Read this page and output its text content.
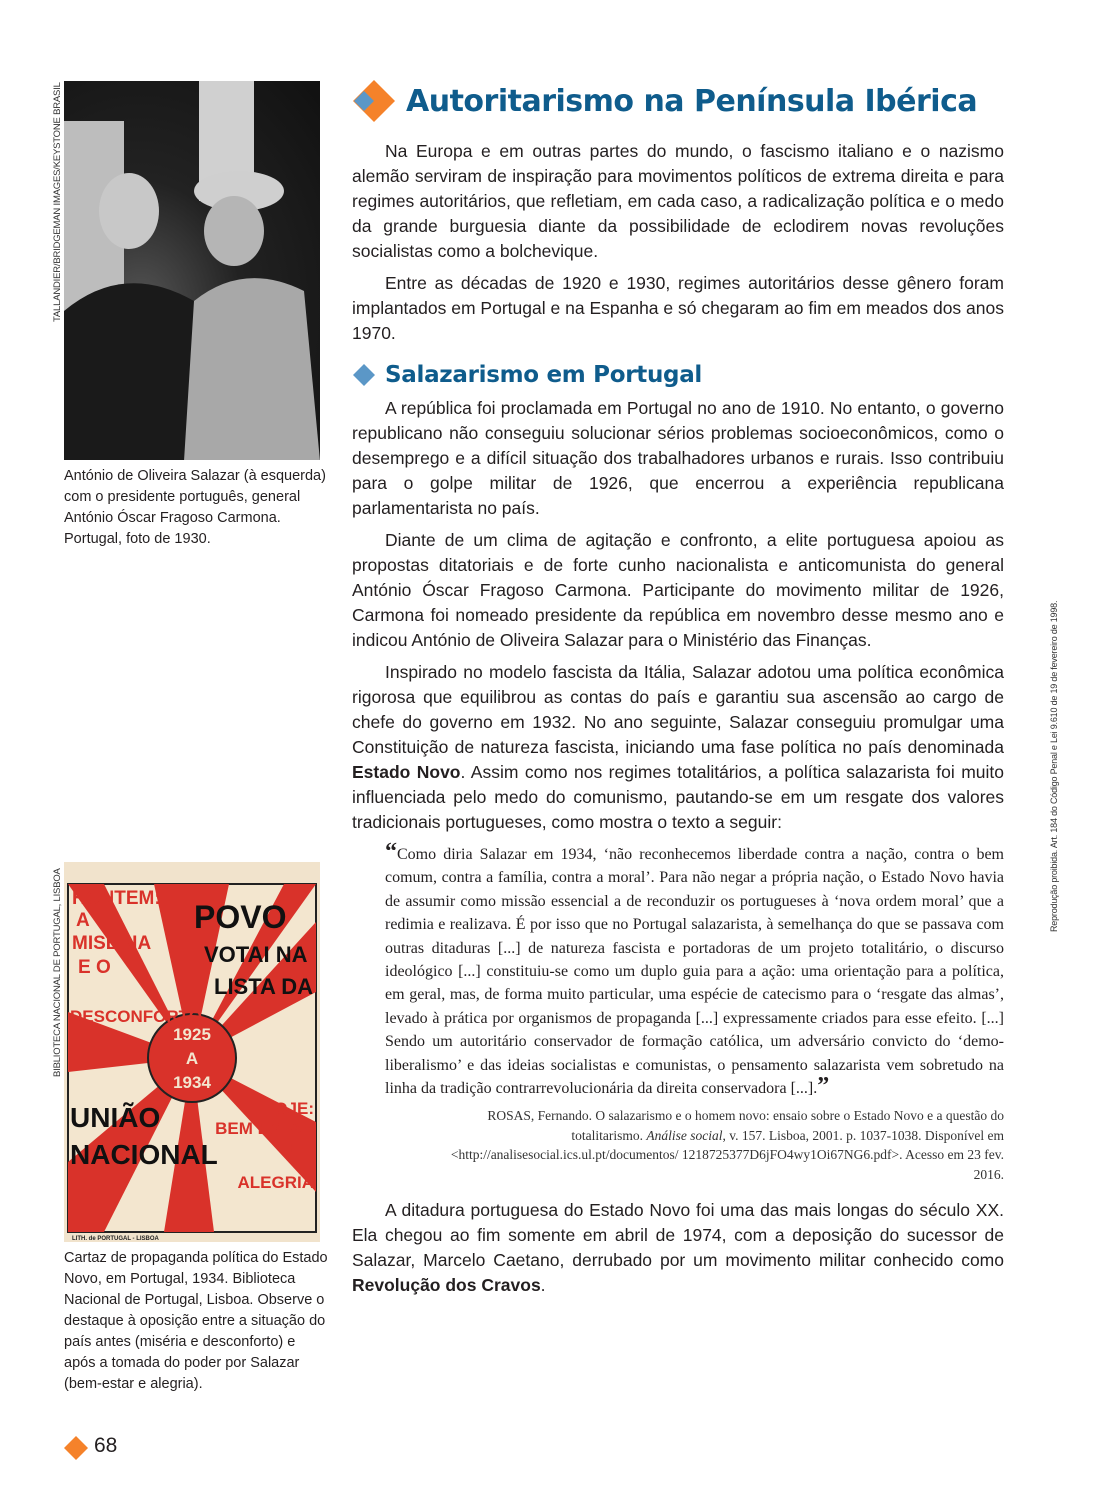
TALLANDIER/BRIDGEMAN IMAGES/KEYSTONE BRASIL
António de Oliveira Salazar (à esquerda) com o presidente português, general António Óscar Fragoso Carmona. Portugal, foto de 1930.
BIBLIOTECA NACIONAL DE PORTUGAL, LISBOA HONTEM:
A
MISERIA
E O
DESCONFORTO
POVO
VOTAI NA
LISTA DA
UNIÃO
NACIONAL
1925
A
1934
HOJE:
BEM ESTAR
E
ALEGRIA
LITH. de PORTUGAL - LISBOA
Cartaz de propaganda política do Estado Novo, em Portugal, 1934. Biblioteca Nacional de Portugal, Lisboa. Observe o destaque à oposição entre a situação do país antes (miséria e desconforto) e após a tomada do poder por Salazar (bem-estar e alegria).
Autoritarismo na Península Ibérica

Na Europa e em outras partes do mundo, o fascismo italiano e o nazismo alemão serviram de inspiração para movimentos políticos de extrema direita e para regimes autoritários, que refletiam, em cada caso, a radicalização política e o medo da grande burguesia diante da possibilidade de eclodirem novas revoluções socialistas como a bolchevique.

Entre as décadas de 1920 e 1930, regimes autoritários desse gênero foram implantados em Portugal e na Espanha e só chegaram ao fim em meados dos anos 1970.

Salazarismo em Portugal

A república foi proclamada em Portugal no ano de 1910. No entanto, o governo republicano não conseguiu solucionar sérios problemas socioeconômicos, como o desemprego e a difícil situação dos trabalhadores urbanos e rurais. Isso contribuiu para o golpe militar de 1926, que encerrou a experiência republicana parlamentarista no país.

Diante de um clima de agitação e confronto, a elite portuguesa apoiou as propostas ditatoriais e de forte cunho nacionalista e anticomunista do general António Óscar Fragoso Carmona. Participante do movimento militar de 1926, Carmona foi nomeado presidente da república em novembro desse mesmo ano e indicou António de Oliveira Salazar para o Ministério das Finanças.

Inspirado no modelo fascista da Itália, Salazar adotou uma política econômica rigorosa que equilibrou as contas do país e garantiu sua ascensão ao cargo de chefe do governo em 1932. No ano seguinte, Salazar conseguiu promulgar uma Constituição de natureza fascista, iniciando uma fase política no país denominada Estado Novo. Assim como nos regimes totalitários, a política salazarista foi muito influenciada pelo medo do comunismo, pautando-se em um resgate dos valores tradicionais portugueses, como mostra o texto a seguir:

“Como diria Salazar em 1934, ‘não reconhecemos liberdade contra a nação, contra o bem comum, contra a família, contra a moral’. Para não negar a própria nação, o Estado Novo havia de assumir como missão essencial a de reconduzir os portugueses à ‘nova ordem moral’ que a redimia e realizava. É por isso que no Portugal salazarista, à semelhança do que se passava com outras ditaduras [...] de natureza fascista e portadoras de um projeto totalitário, o discurso ideológico [...] constituiu-se como um duplo guia para a ação: uma orientação para a política, em geral, mas, de forma muito particular, uma espécie de catecismo para o ‘resgate das almas’, levado à prática por organismos de propaganda [...] expressamente criados para esse efeito. [...] Sendo um autoritário conservador de formação católica, um adversário convicto do ‘demo-liberalismo’ e das ideias socialistas e comunistas, o pensamento salazarista vem sobretudo na linha da tradição contrarrevolucionária da direita conservadora [...].”
ROSAS, Fernando. O salazarismo e o homem novo: ensaio sobre o Estado Novo e a questão do totalitarismo. Análise social, v. 157. Lisboa, 2001. p. 1037-1038. Disponível em <http://analisesocial.ics.ul.pt/documentos/ 1218725377D6jFO4wy1Oi67NG6.pdf>. Acesso em 23 fev. 2016.

A ditadura portuguesa do Estado Novo foi uma das mais longas do século XX. Ela chegou ao fim somente em abril de 1974, com a deposição do sucessor de Salazar, Marcelo Caetano, derrubado por um movimento militar conhecido como Revolução dos Cravos.

Reprodução proibida. Art. 184 do Código Penal e Lei 9.610 de 19 de fevereiro de 1998.
68
